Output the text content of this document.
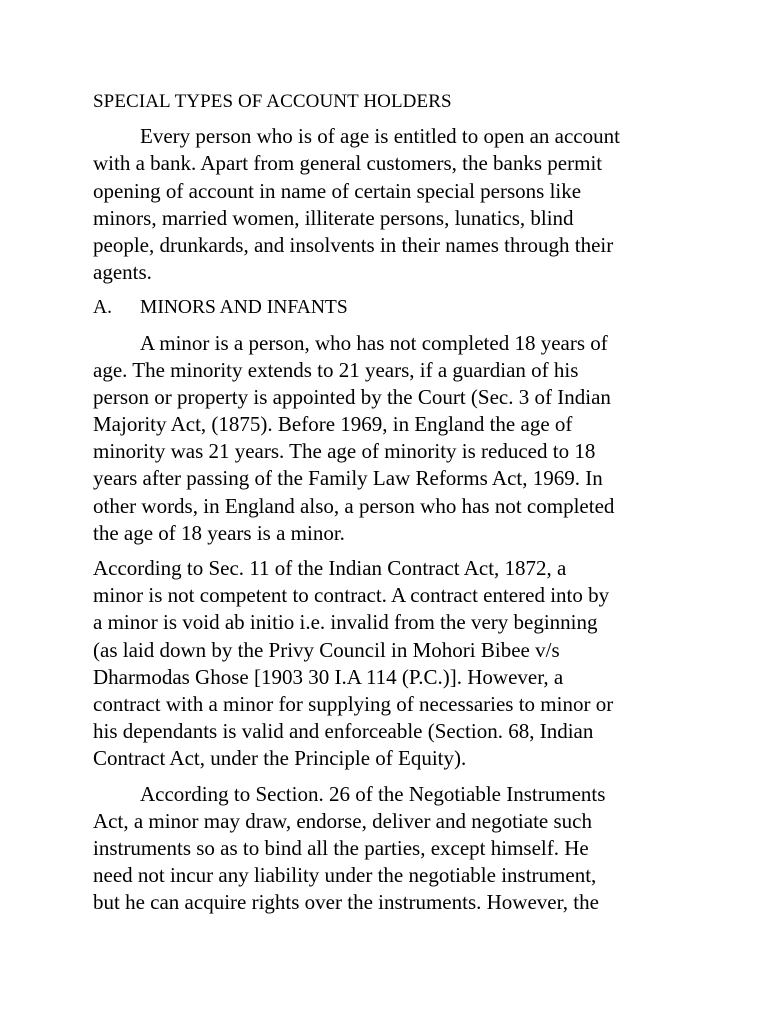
SPECIAL TYPES OF ACCOUNT HOLDERS
Every person who is of age is entitled to open an account
with a bank. Apart from general customers, the banks permit
opening of account in name of certain special persons like
minors, married women, illiterate persons, lunatics, blind
people, drunkards, and insolvents in their names through their
agents.
A.	MINORS AND INFANTS
A minor is a person, who has not completed 18 years of
age. The minority extends to 21 years, if a guardian of his
person or property is appointed by the Court (Sec. 3 of Indian
Majority Act, (1875). Before 1969, in England the age of
minority was 21 years. The age of minority is reduced to 18
years after passing of the Family Law Reforms Act, 1969. In
other words, in England also, a person who has not completed
the age of 18 years is a minor.
According to Sec. 11 of the Indian Contract Act, 1872, a
minor is not competent to contract. A contract entered into by
a minor is void ab initio i.e. invalid from the very beginning
(as laid down by the Privy Council in Mohori Bibee v/s
Dharmodas Ghose [1903 30 I.A 114 (P.C.)]. However, a
contract with a minor for supplying of necessaries to minor or
his dependants is valid and enforceable (Section. 68, Indian
Contract Act, under the Principle of Equity).
According to Section. 26 of the Negotiable Instruments
Act, a minor may draw, endorse, deliver and negotiate such
instruments so as to bind all the parties, except himself. He
need not incur any liability under the negotiable instrument,
but he can acquire rights over the instruments. However, the
